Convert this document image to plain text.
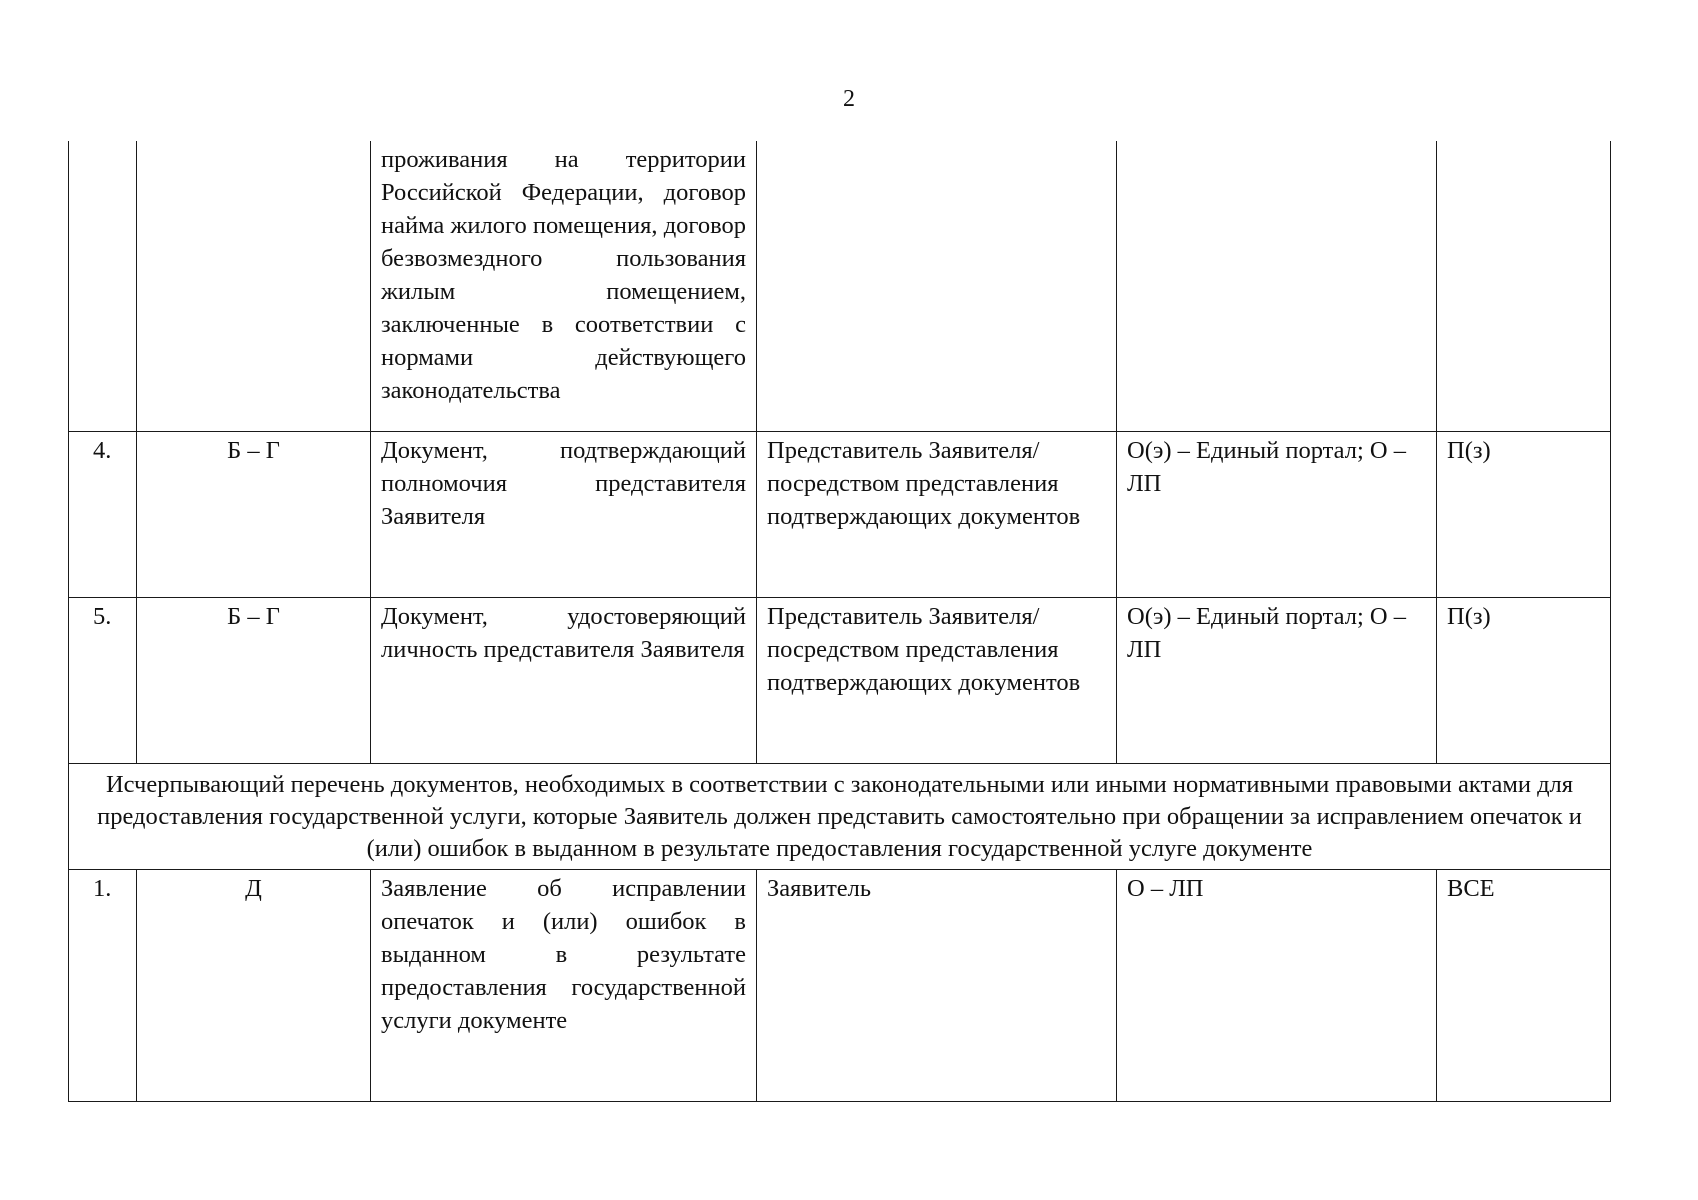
2
		проживания на территории Российской Федерации, договор найма жилого помещения, договор безвозмездного пользования жилым помещением, заключенные в соответствии с нормами действующего законодательства			
4.	Б – Г	Документ, подтверждающий полномочия представителя Заявителя	Представитель Заявителя/посредством представления подтверждающих документов	О(э) – Единый портал; О – ЛП	П(з)
5.	Б – Г	Документ, удостоверяющий личность представителя Заявителя	Представитель Заявителя/посредством представления подтверждающих документов	О(э) – Единый портал; О – ЛП	П(з)
Исчерпывающий перечень документов, необходимых в соответствии с законодательными или иными нормативными правовыми актами для предоставления государственной услуги, которые Заявитель должен представить самостоятельно при обращении за исправлением опечаток и (или) ошибок в выданном в результате предоставления государственной услуге документе					
1.	Д	Заявление об исправлении опечаток и (или) ошибок в выданном в результате предоставления государственной услуги документе	Заявитель	О – ЛП	ВСЕ
